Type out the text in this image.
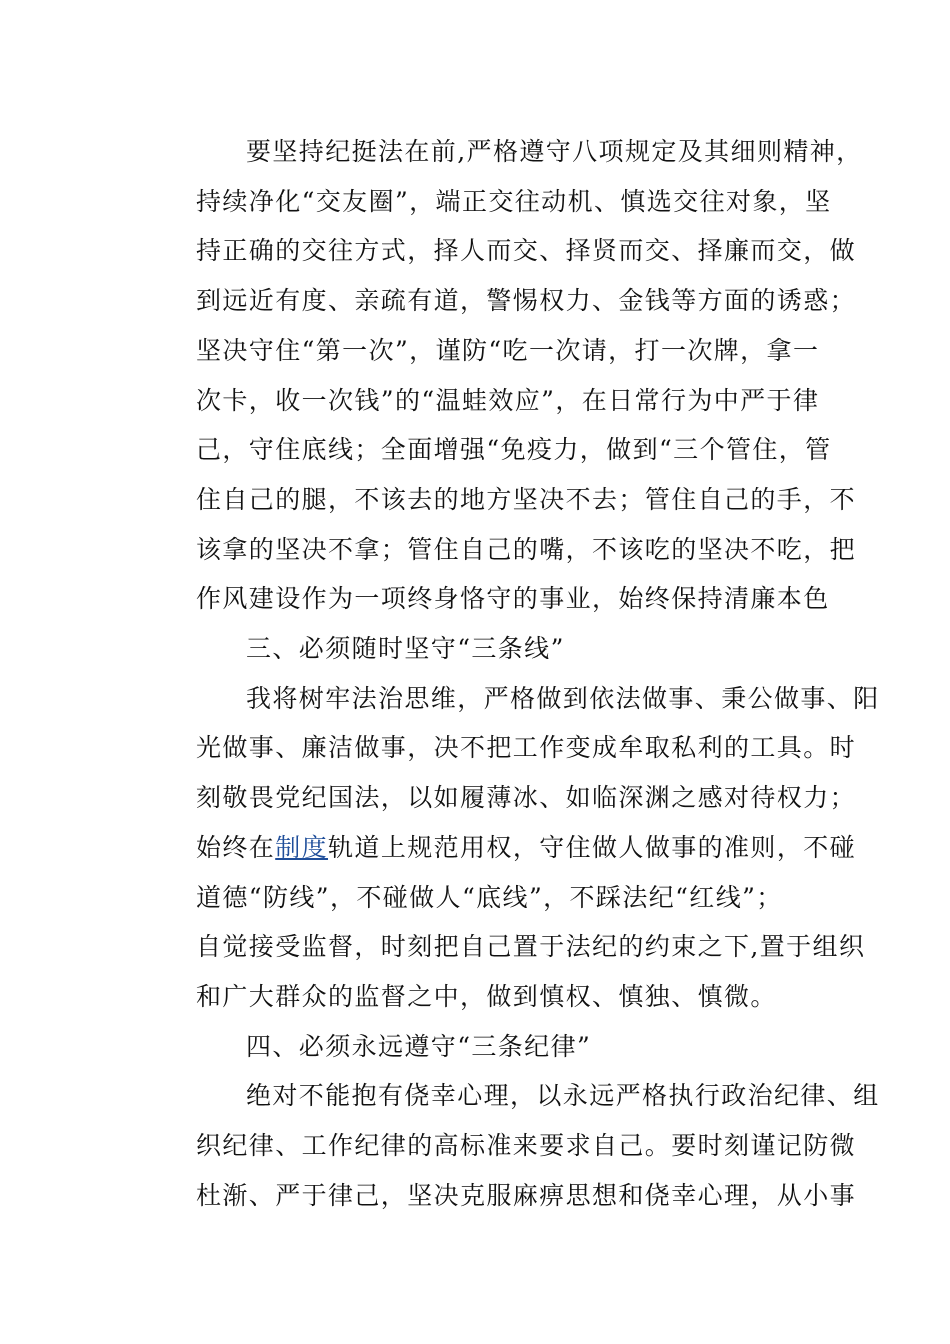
要坚持纪挺法在前,严格遵守八项规定及其细则精神，
持续净化“交友圈”，端正交往动机、慎选交往对象，坚
持正确的交往方式，择人而交、择贤而交、择廉而交，做
到远近有度、亲疏有道，警惕权力、金钱等方面的诱惑；
坚决守住“第一次”，谨防“吃一次请，打一次牌，拿一
次卡，收一次钱”的“温蛙效应”，在日常行为中严于律
己，守住底线；全面增强“免疫力，做到“三个管住，管
住自己的腿，不该去的地方坚决不去；管住自己的手，不
该拿的坚决不拿；管住自己的嘴，不该吃的坚决不吃，把
作风建设作为一项终身恪守的事业，始终保持清廉本色
三、必须随时坚守“三条线”
我将树牢法治思维，严格做到依法做事、秉公做事、阳
光做事、廉洁做事，决不把工作变成牟取私利的工具。时
刻敬畏党纪国法，以如履薄冰、如临深渊之感对待权力；
始终在制度轨道上规范用权，守住做人做事的准则，不碰
道德“防线”，不碰做人“底线”，不踩法纪“红线”；
自觉接受监督，时刻把自己置于法纪的约束之下,置于组织
和广大群众的监督之中，做到慎权、慎独、慎微。
四、必须永远遵守“三条纪律”
绝对不能抱有侥幸心理，以永远严格执行政治纪律、组
织纪律、工作纪律的高标准来要求自己。要时刻谨记防微
杜渐、严于律己，坚决克服麻痹思想和侥幸心理，从小事
